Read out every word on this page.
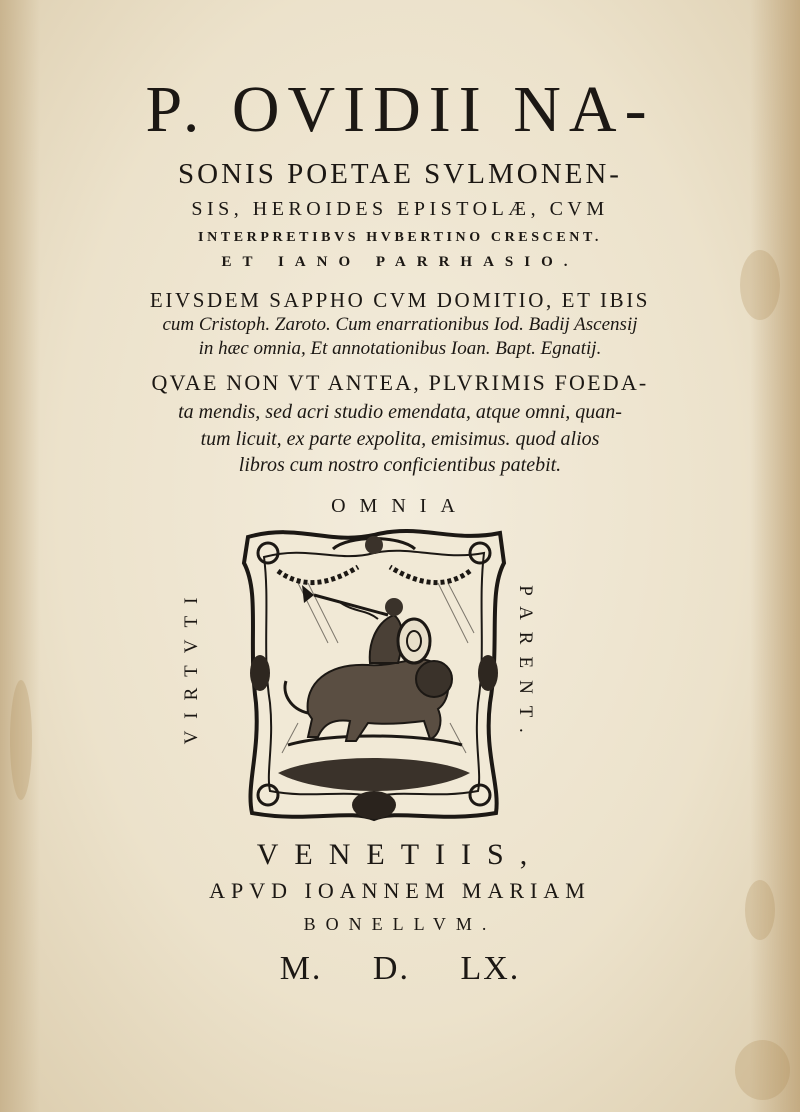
P. OVIDII NA-
SONIS POETAE SVLMONEN-
SIS, HEROIDES EPISTOLÆ, CVM
INTERPRETIBVS HVBERTINO CRESCENT.
ET IANO PARRHASIO.
EIVSDEM SAPPHO CVM DOMITIO, ET IBIS
cum Cristoph. Zaroto. Cum enarrationibus Iod. Badij Ascensij
in hæc omnia, Et annotationibus Ioan. Bapt. Egnatij.
QVAE NON VT ANTEA, PLVRIMIS FOEDA-
ta mendis, sed acri studio emendata, atque omni, quan-
tum licuit, ex parte expolita, emisimus. quod alios
libros cum nostro conficientibus patebit.
OMNIA
VIRTVTI	PARENT.
VENETIIS,
APVD IOANNEM MARIAM
BONELLVM.
M. D. LX.
